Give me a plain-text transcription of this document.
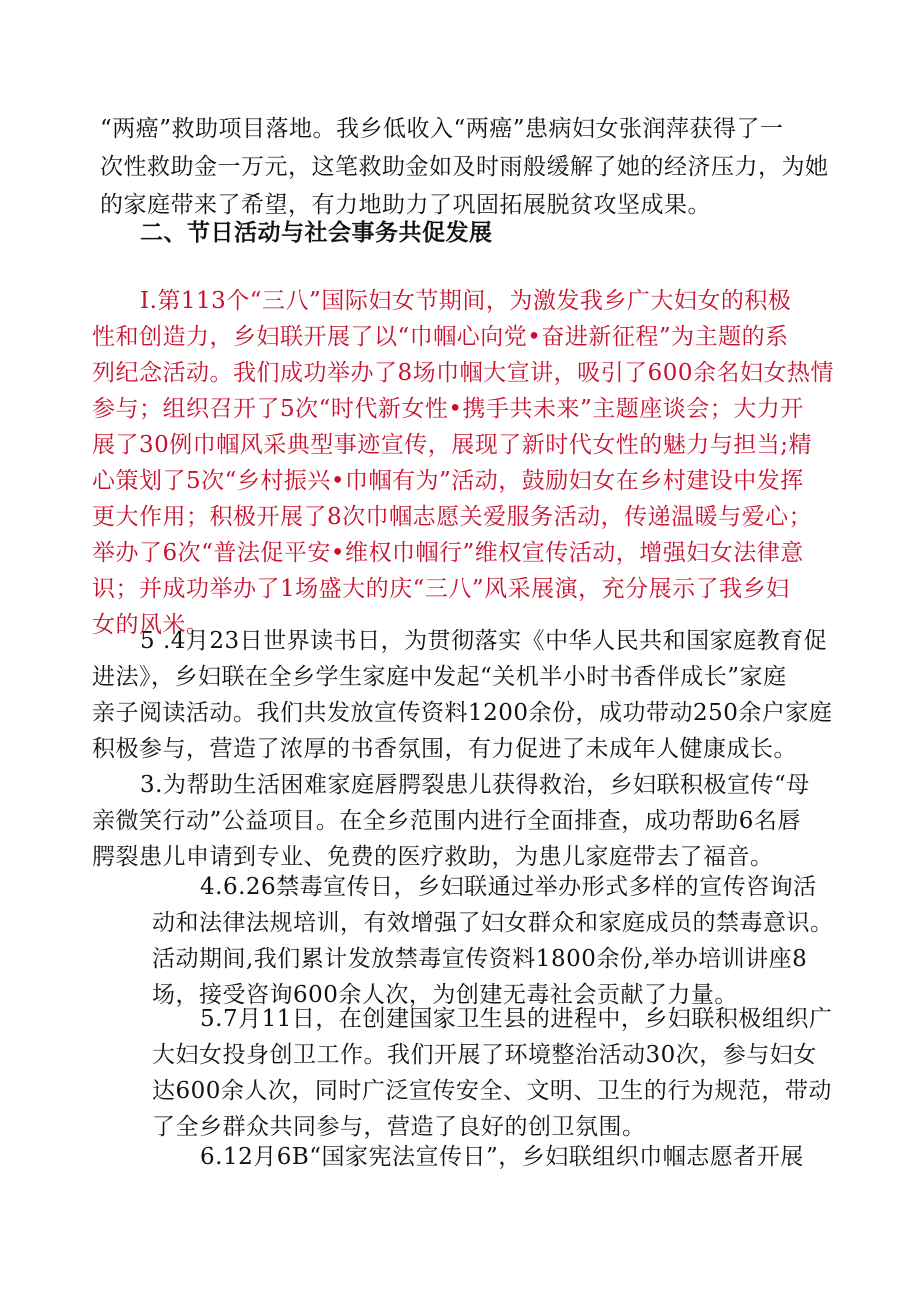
“两癌”救助项目落地。我乡低收入“两癌”患病妇女张润萍获得了一
次性救助金一万元，这笔救助金如及时雨般缓解了她的经济压力，为她
的家庭带来了希望，有力地助力了巩固拓展脱贫攻坚成果。
二、节日活动与社会事务共促发展
I.第113个“三八”国际妇女节期间，为激发我乡广大妇女的积极
性和创造力，乡妇联开展了以“巾帼心向党•奋进新征程”为主题的系
列纪念活动。我们成功举办了8场巾帼大宣讲，吸引了600余名妇女热情
参与；组织召开了5次“时代新女性•携手共未来”主题座谈会；大力开
展了30例巾帼风采典型事迹宣传，展现了新时代女性的魅力与担当;精
心策划了5次“乡村振兴•巾帼有为”活动，鼓励妇女在乡村建设中发挥
更大作用；积极开展了8次巾帼志愿关爱服务活动，传递温暖与爱心；
举办了6次“普法促平安•维权巾帼行”维权宣传活动，增强妇女法律意
识；并成功举办了1场盛大的庆“三八”风采展演，充分展示了我乡妇
女的风米。
5 .4月23日世界读书日，为贯彻落实《中华人民共和国家庭教育促
进法》，乡妇联在全乡学生家庭中发起“关机半小时书香伴成长”家庭
亲子阅读活动。我们共发放宣传资料1200余份，成功带动250余户家庭
积极参与，营造了浓厚的书香氛围，有力促进了未成年人健康成长。
3.为帮助生活困难家庭唇腭裂患儿获得救治，乡妇联积极宣传“母
亲微笑行动”公益项目。在全乡范围内进行全面排查，成功帮助6名唇
腭裂患儿申请到专业、免费的医疗救助，为患儿家庭带去了福音。
4.6.26禁毒宣传日，乡妇联通过举办形式多样的宣传咨询活
动和法律法规培训，有效增强了妇女群众和家庭成员的禁毒意识。
活动期间,我们累计发放禁毒宣传资料1800余份,举办培训讲座8
场，接受咨询600余人次，为创建无毒社会贡献了力量。
5.7月11日，在创建国家卫生县的进程中，乡妇联积极组织广
大妇女投身创卫工作。我们开展了环境整治活动30次，参与妇女
达600余人次，同时广泛宣传安全、文明、卫生的行为规范，带动
了全乡群众共同参与，营造了良好的创卫氛围。
6.12月6B“国家宪法宣传日”，乡妇联组织巾帼志愿者开展
